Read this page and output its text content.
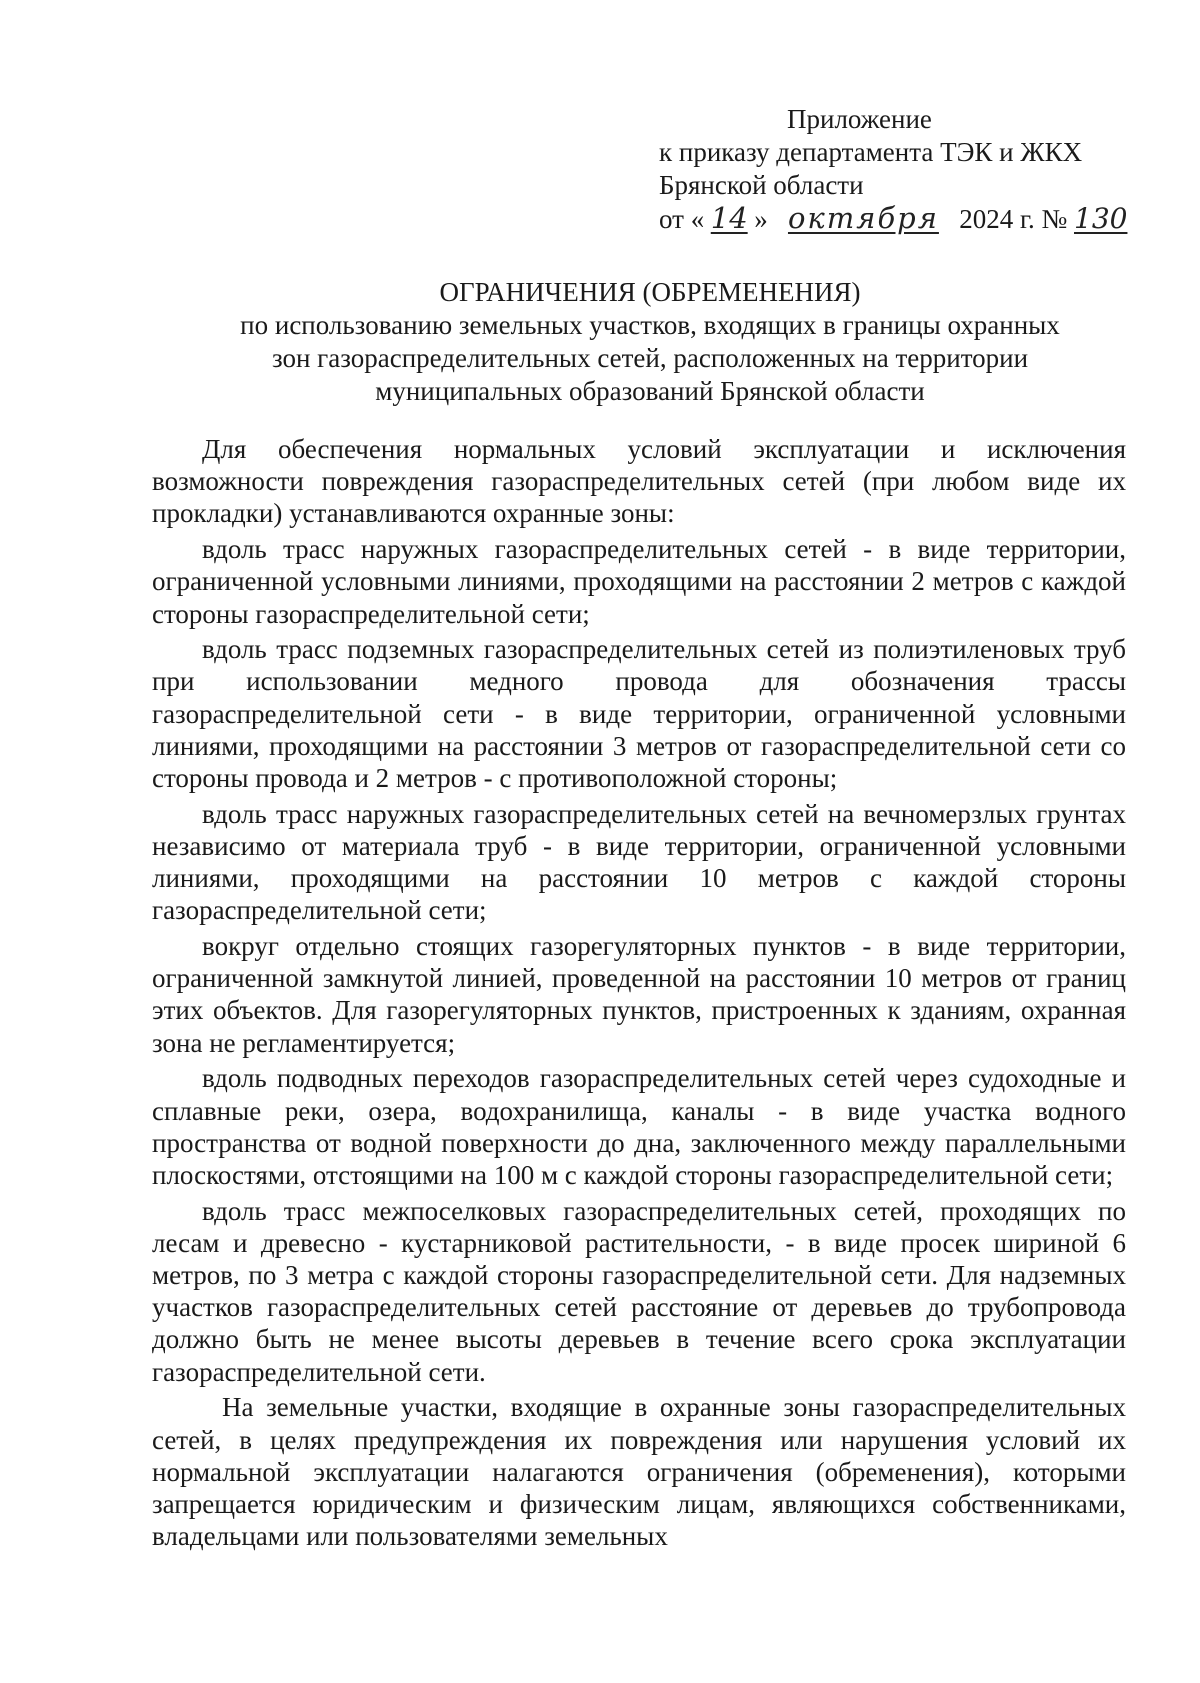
Приложение
к приказу департамента ТЭК и ЖКХ
Брянской области
от « 14 » октября 2024 г. № 130
ОГРАНИЧЕНИЯ (ОБРЕМЕНЕНИЯ)
по использованию земельных участков, входящих в границы охранных
зон газораспределительных сетей, расположенных на территории
муниципальных образований Брянской области

Для обеспечения нормальных условий эксплуатации и исключения возможности повреждения газораспределительных сетей (при любом виде их прокладки) устанавливаются охранные зоны:

вдоль трасс наружных газораспределительных сетей - в виде территории, ограниченной условными линиями, проходящими на расстоянии 2 метров с каждой стороны газораспределительной сети;

вдоль трасс подземных газораспределительных сетей из полиэтиленовых труб при использовании медного провода для обозначения трассы газораспределительной сети - в виде территории, ограниченной условными линиями, проходящими на расстоянии 3 метров от газораспределительной сети со стороны провода и 2 метров - с противоположной стороны;

вдоль трасс наружных газораспределительных сетей на вечномерзлых грунтах независимо от материала труб - в виде территории, ограниченной условными линиями, проходящими на расстоянии 10 метров с каждой стороны газораспределительной сети;

вокруг отдельно стоящих газорегуляторных пунктов - в виде территории, ограниченной замкнутой линией, проведенной на расстоянии 10 метров от границ этих объектов. Для газорегуляторных пунктов, пристроенных к зданиям, охранная зона не регламентируется;

вдоль подводных переходов газораспределительных сетей через судоходные и сплавные реки, озера, водохранилища, каналы - в виде участка водного пространства от водной поверхности до дна, заключенного между параллельными плоскостями, отстоящими на 100 м с каждой стороны газораспределительной сети;

вдоль трасс межпоселковых газораспределительных сетей, проходящих по лесам и древесно - кустарниковой растительности, - в виде просек шириной 6 метров, по 3 метра с каждой стороны газораспределительной сети. Для надземных участков газораспределительных сетей расстояние от деревьев до трубопровода должно быть не менее высоты деревьев в течение всего срока эксплуатации газораспределительной сети.

На земельные участки, входящие в охранные зоны газораспределительных сетей, в целях предупреждения их повреждения или нарушения условий их нормальной эксплуатации налагаются ограничения (обременения), которыми запрещается юридическим и физическим лицам, являющихся собственниками, владельцами или пользователями земельных
